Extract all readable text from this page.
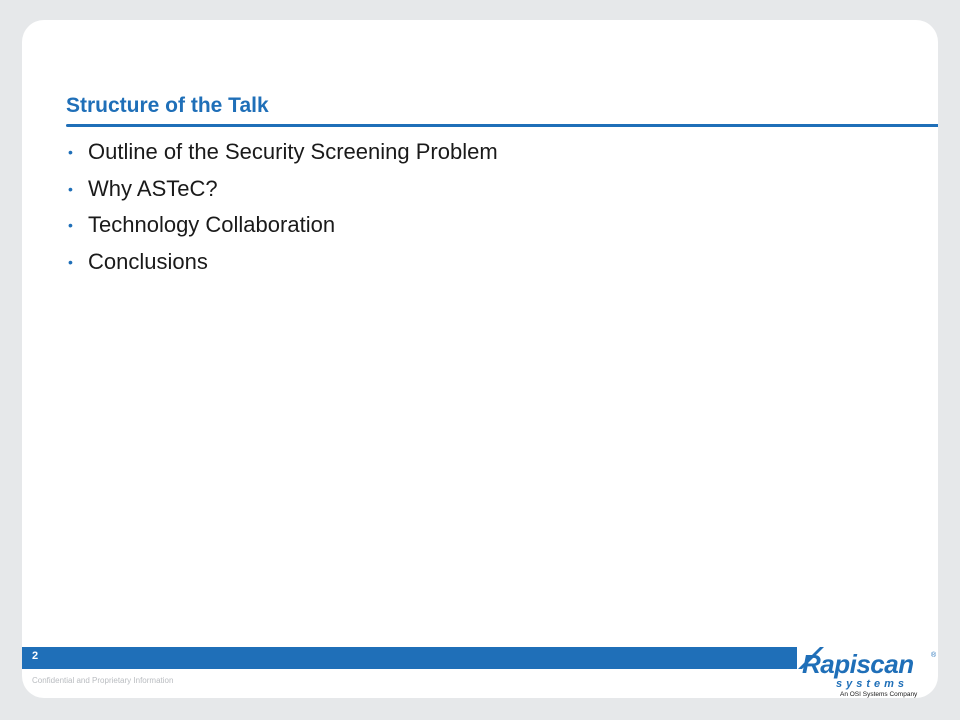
Structure of the Talk
• Outline of the Security Screening Problem
• Why ASTeC?
• Technology Collaboration
• Conclusions
2
Confidential and Proprietary Information
Rapiscan ®
systems
An OSI Systems Company
